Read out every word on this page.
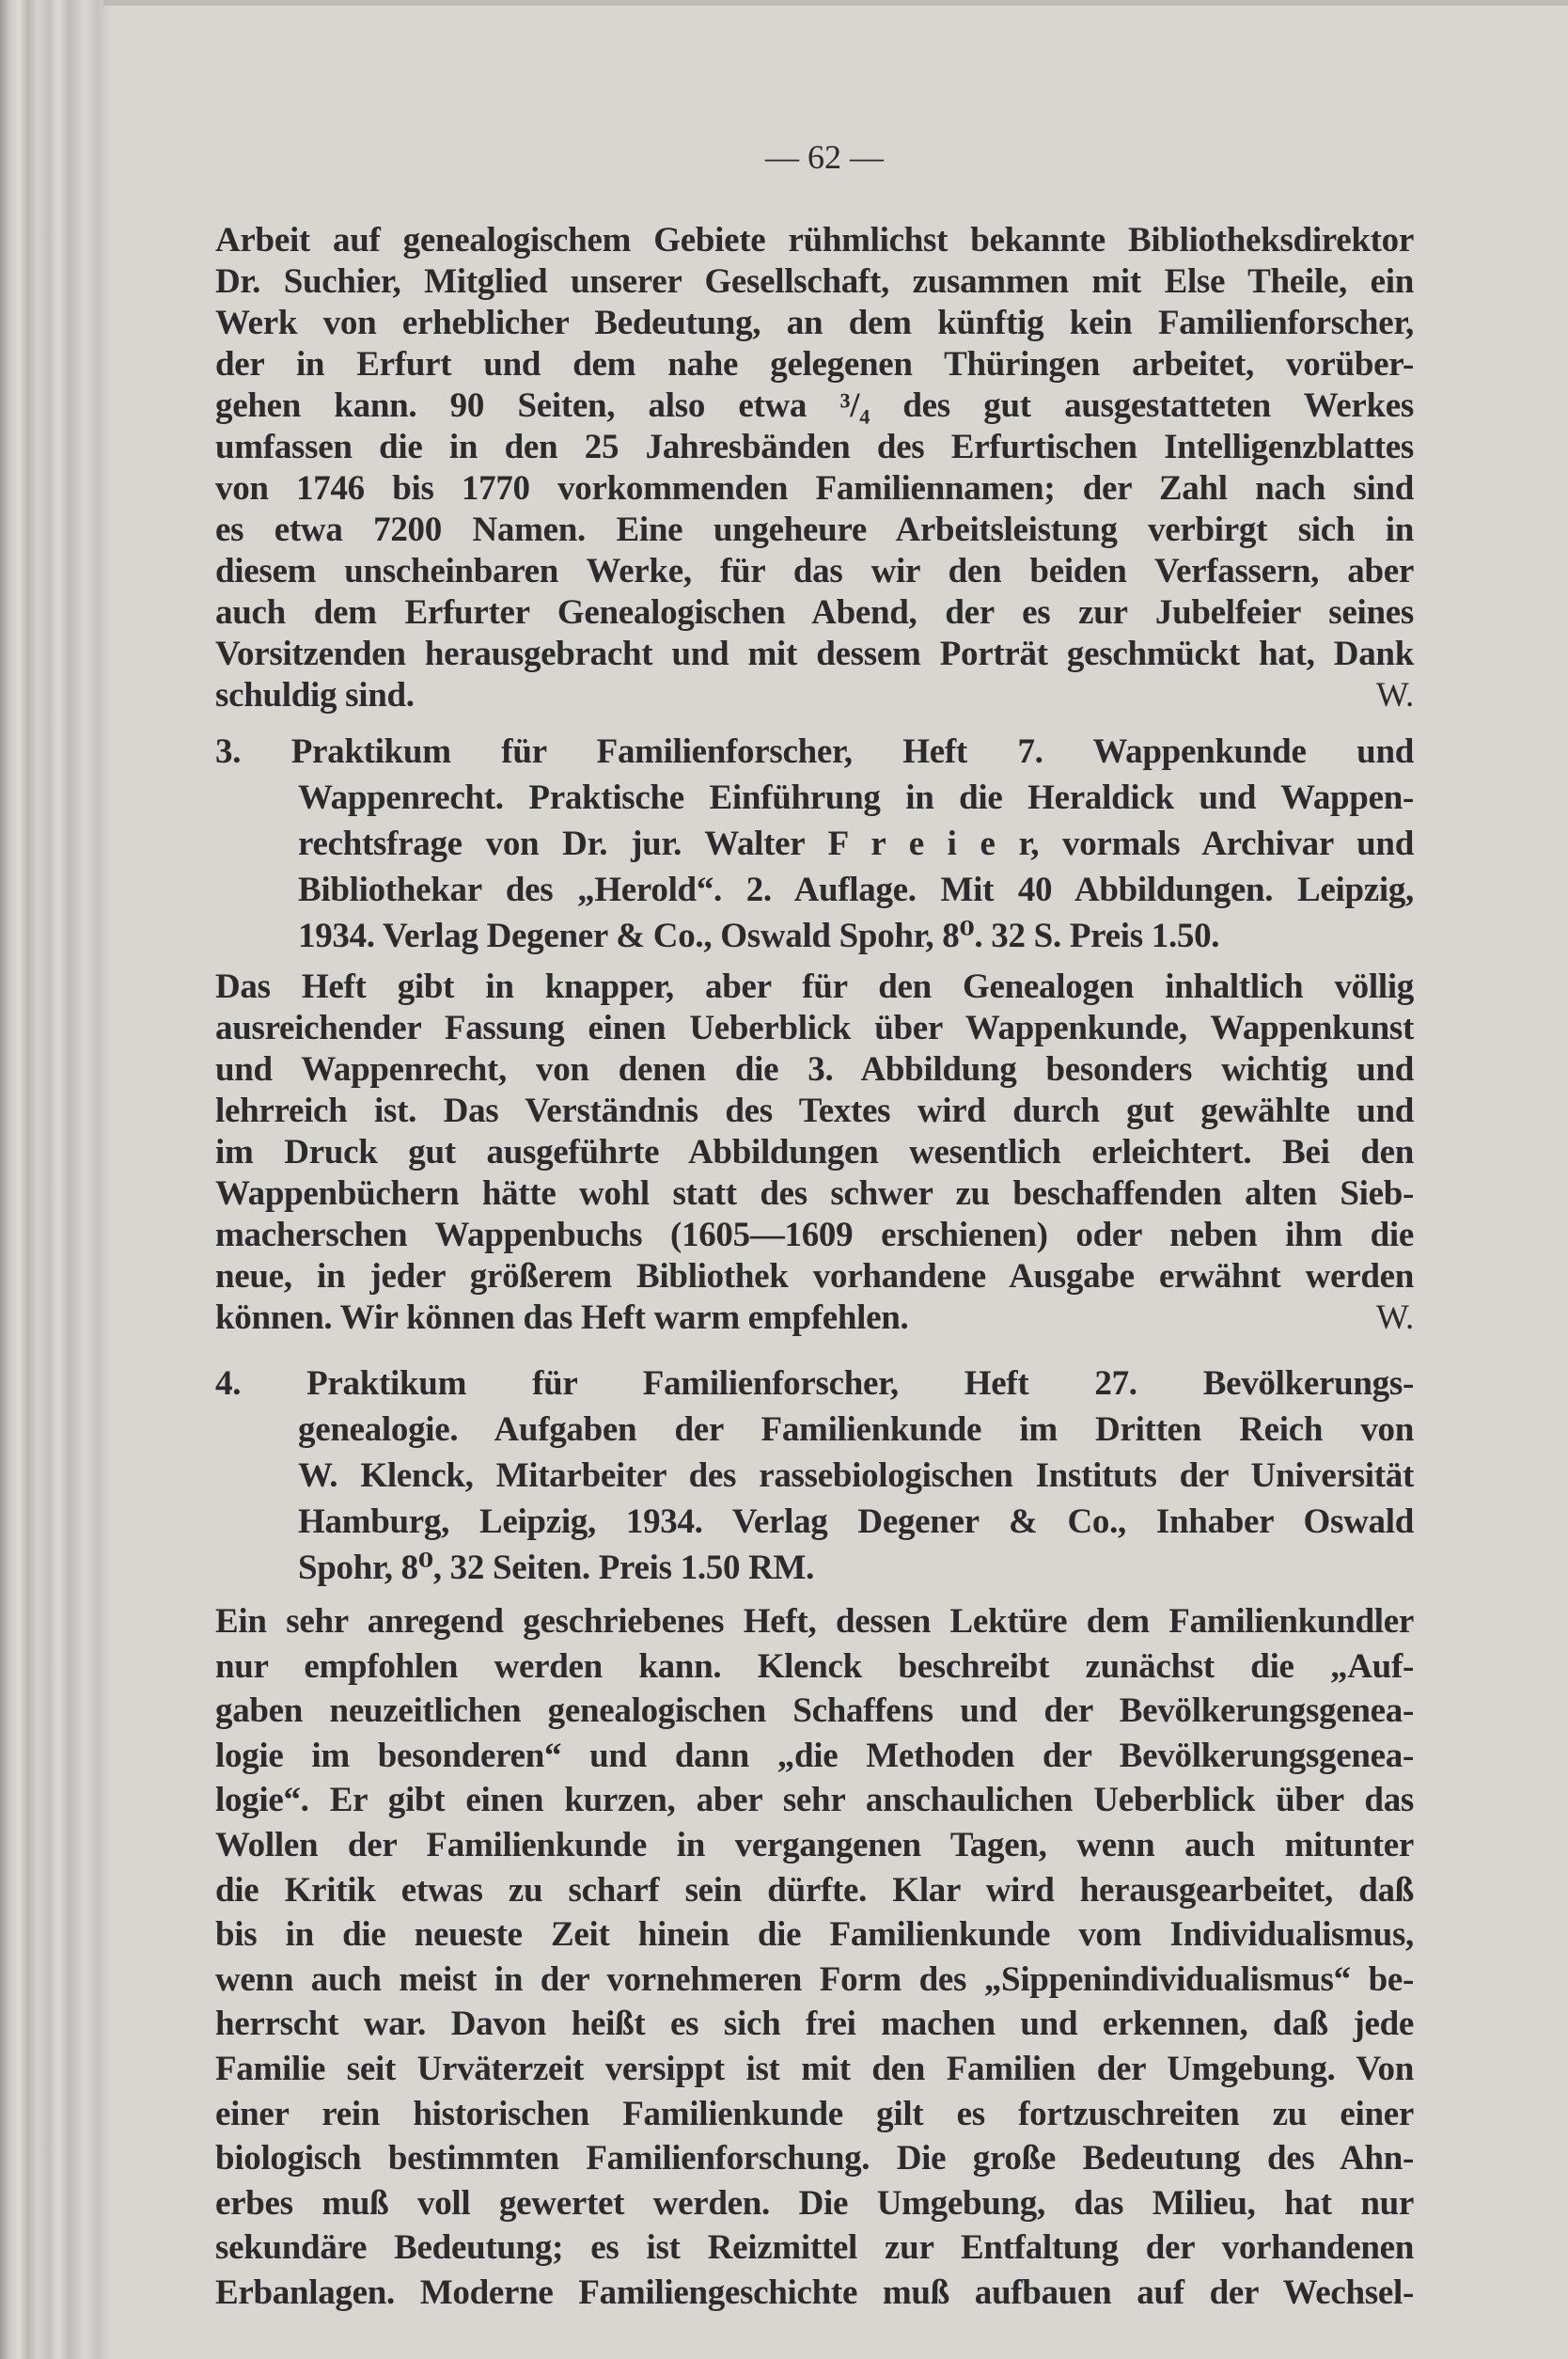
— 62 —
Arbeit auf genealogischem Gebiete rühmlichst bekannte Bibliotheksdirektor
Dr. Suchier, Mitglied unserer Gesellschaft, zusammen mit Else Theile, ein
Werk von erheblicher Bedeutung, an dem künftig kein Familienforscher,
der in Erfurt und dem nahe gelegenen Thüringen arbeitet, vorüber-
gehen kann. 90 Seiten, also etwa ³/₄ des gut ausgestatteten Werkes
umfassen die in den 25 Jahresbänden des Erfurtischen Intelligenzblattes
von 1746 bis 1770 vorkommenden Familiennamen; der Zahl nach sind
es etwa 7200 Namen. Eine ungeheure Arbeitsleistung verbirgt sich in
diesem unscheinbaren Werke, für das wir den beiden Verfassern, aber
auch dem Erfurter Genealogischen Abend, der es zur Jubelfeier seines
Vorsitzenden herausgebracht und mit dessem Porträt geschmückt hat, Dank
schuldig sind.	W.
3. Praktikum für Familienforscher, Heft 7. Wappenkunde und
Wappenrecht. Praktische Einführung in die Heraldick und Wappen-
rechtsfrage von Dr. jur. Walter F r e i e r, vormals Archivar und
Bibliothekar des „Herold“. 2. Auflage. Mit 40 Abbildungen. Leipzig,
1934. Verlag Degener & Co., Oswald Spohr, 8⁰. 32 S. Preis 1.50.
Das Heft gibt in knapper, aber für den Genealogen inhaltlich völlig
ausreichender Fassung einen Ueberblick über Wappenkunde, Wappenkunst
und Wappenrecht, von denen die 3. Abbildung besonders wichtig und
lehrreich ist. Das Verständnis des Textes wird durch gut gewählte und
im Druck gut ausgeführte Abbildungen wesentlich erleichtert. Bei den
Wappenbüchern hätte wohl statt des schwer zu beschaffenden alten Sieb-
macherschen Wappenbuchs (1605—1609 erschienen) oder neben ihm die
neue, in jeder größerem Bibliothek vorhandene Ausgabe erwähnt werden
können. Wir können das Heft warm empfehlen.	W.
4. Praktikum für Familienforscher, Heft 27. Bevölkerungs-
genealogie. Aufgaben der Familienkunde im Dritten Reich von
W. Klenck, Mitarbeiter des rassebiologischen Instituts der Universität
Hamburg, Leipzig, 1934. Verlag Degener & Co., Inhaber Oswald
Spohr, 8⁰, 32 Seiten. Preis 1.50 RM.
Ein sehr anregend geschriebenes Heft, dessen Lektüre dem Familienkundler
nur empfohlen werden kann. Klenck beschreibt zunächst die „Auf-
gaben neuzeitlichen genealogischen Schaffens und der Bevölkerungsgenea-
logie im besonderen“ und dann „die Methoden der Bevölkerungsgenea-
logie“. Er gibt einen kurzen, aber sehr anschaulichen Ueberblick über das
Wollen der Familienkunde in vergangenen Tagen, wenn auch mitunter
die Kritik etwas zu scharf sein dürfte. Klar wird herausgearbeitet, daß
bis in die neueste Zeit hinein die Familienkunde vom Individualismus,
wenn auch meist in der vornehmeren Form des „Sippenindividualismus“ be-
herrscht war. Davon heißt es sich frei machen und erkennen, daß jede
Familie seit Urväterzeit versippt ist mit den Familien der Umgebung. Von
einer rein historischen Familienkunde gilt es fortzuschreiten zu einer
biologisch bestimmten Familienforschung. Die große Bedeutung des Ahn-
erbes muß voll gewertet werden. Die Umgebung, das Milieu, hat nur
sekundäre Bedeutung; es ist Reizmittel zur Entfaltung der vorhandenen
Erbanlagen. Moderne Familiengeschichte muß aufbauen auf der Wechsel-
